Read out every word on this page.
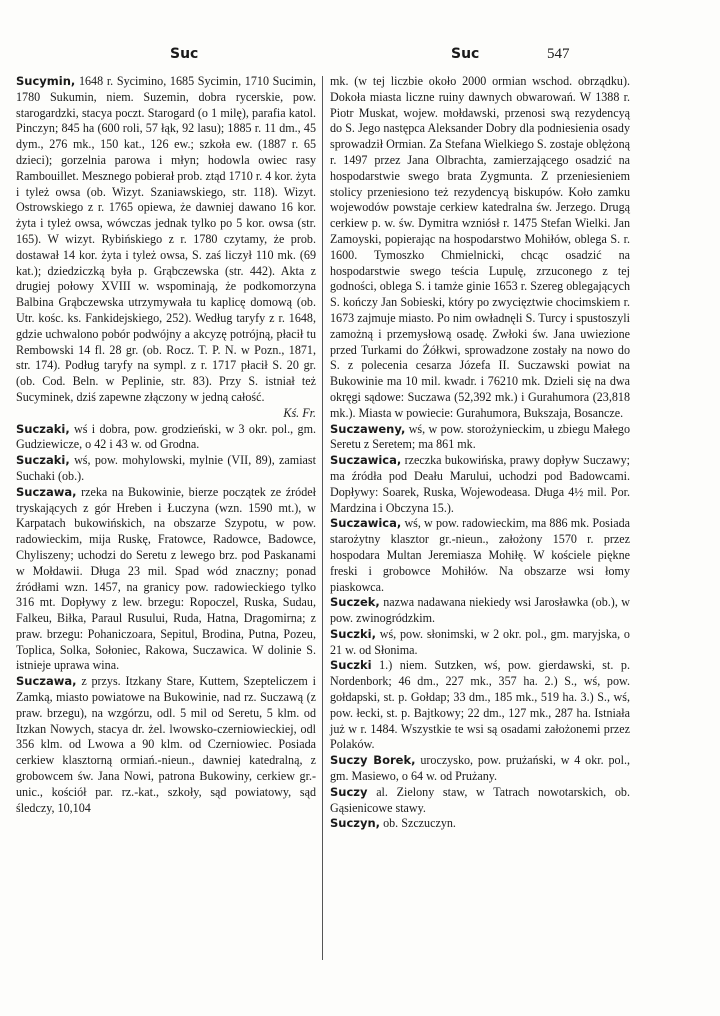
Suc	Suc	547

Sucymin, 1648 r. Sycimino, 1685 Sycimin, 1710 Sucimin, 1780 Sukumin, niem. Suzemin, dobra rycerskie, pow. starogardzki, stacya poczt. Starogard (o 1 milę), parafia katol. Pinczyn; 845 ha (600 roli, 57 łąk, 92 lasu); 1885 r. 11 dm., 45 dym., 276 mk., 150 kat., 126 ew.; szkoła ew. (1887 r. 65 dzieci); gorzelnia parowa i młyn; hodowla owiec rasy Rambouillet. Mesznego pobierał prob. ztąd 1710 r. 4 kor. żyta i tyleż owsa (ob. Wizyt. Szaniawskiego, str. 118). Wizyt. Ostrowskiego z r. 1765 opiewa, że dawniej dawano 16 kor. żyta i tyleż owsa, wówczas jednak tylko po 5 kor. owsa (str. 165). W wizyt. Rybińskiego z r. 1780 czytamy, że prob. dostawał 14 kor. żyta i tyleż owsa, S. zaś liczył 110 mk. (69 kat.); dziedziczką była p. Grąbczewska (str. 442). Akta z drugiej połowy XVIII w. wspominają, że podkomorzyna Balbina Grąbczewska utrzymywała tu kaplicę domową (ob. Utr. kośc. ks. Fankidejskiego, 252). Według taryfy z r. 1648, gdzie uchwalono pobór podwójny a akcyzę potrójną, płacił tu Rembowski 14 fl. 28 gr. (ob. Rocz. T. P. N. w Pozn., 1871, str. 174). Podług taryfy na sympl. z r. 1717 płacił S. 20 gr. (ob. Cod. Beln. w Peplinie, str. 83). Przy S. istniał też Sucyminek, dziś zapewne złączony w jedną całość.

Kś. Fr.

Suczaki, wś i dobra, pow. grodzieński, w 3 okr. pol., gm. Gudziewicze, o 42 i 43 w. od Grodna.

Suczaki, wś, pow. mohylowski, mylnie (VII, 89), zamiast Suchaki (ob.).

Suczawa, rzeka na Bukowinie, bierze początek ze źródeł tryskających z gór Hreben i Łuczyna (wzn. 1590 mt.), w Karpatach bukowińskich, na obszarze Szypotu, w pow. radowieckim, mija Ruskę, Fratowce, Radowce, Badowce, Chyliszeny; uchodzi do Seretu z lewego brz. pod Paskanami w Mołdawii. Długa 23 mil. Spad wód znaczny; ponad źródłami wzn. 1457, na granicy pow. radowieckiego tylko 316 mt. Dopływy z lew. brzegu: Ropoczel, Ruska, Sudau, Falkeu, Biłka, Paraul Rusului, Ruda, Hatna, Dragomirna; z praw. brzegu: Pohaniczoara, Sepitul, Brodina, Putna, Pozeu, Toplica, Solka, Sołoniec, Rakowa, Suczawica. W dolinie S. istnieje uprawa wina.

Suczawa, z przys. Itzkany Stare, Kuttem, Szepteliczem i Zamką, miasto powiatowe na Bukowinie, nad rz. Suczawą (z praw. brzegu), na wzgórzu, odl. 5 mil od Seretu, 5 klm. od Itzkan Nowych, stacya dr. żel. lwowsko-czerniowieckiej, odl 356 klm. od Lwowa a 90 klm. od Czerniowiec. Posiada cerkiew klasztorną ormiań.-nieun., dawniej katedralną, z grobowcem św. Jana Nowi, patrona Bukowiny, cerkiew gr.-unic., kościół par. rz.-kat., szkoły, sąd powiatowy, sąd śledczy, 10,104

mk. (w tej liczbie około 2000 ormian wschod. obrządku). Dokoła miasta liczne ruiny dawnych obwarowań. W 1388 r. Piotr Muskat, wojew. mołdawski, przenosi swą rezydencyą do S. Jego następca Aleksander Dobry dla podniesienia osady sprowadził Ormian. Za Stefana Wielkiego S. zostaje oblężoną r. 1497 przez Jana Olbrachta, zamierzającego osadzić na hospodarstwie swego brata Zygmunta. Z przeniesieniem stolicy przeniesiono też rezydencyą biskupów. Koło zamku wojewodów powstaje cerkiew katedralna św. Jerzego. Drugą cerkiew p. w. św. Dymitra wzniósł r. 1475 Stefan Wielki. Jan Zamoyski, popierając na hospodarstwo Mohiłów, oblega S. r. 1600. Tymoszko Chmielnicki, chcąc osadzić na hospodarstwie swego teścia Lupulę, zrzuconego z tej godności, oblega S. i tamże ginie 1653 r. Szereg oblegających S. kończy Jan Sobieski, który po zwycięztwie chocimskiem r. 1673 zajmuje miasto. Po nim owładnęli S. Turcy i spustoszyli zamożną i przemysłową osadę. Zwłoki św. Jana uwiezione przed Turkami do Żółkwi, sprowadzone zostały na nowo do S. z polecenia cesarza Józefa II. Suczawski powiat na Bukowinie ma 10 mil. kwadr. i 76210 mk. Dzieli się na dwa okręgi sądowe: Suczawa (52,392 mk.) i Gurahumora (23,818 mk.). Miasta w powiecie: Gurahumora, Bukszaja, Bosancze.

Suczaweny, wś, w pow. storożynieckim, u zbiegu Małego Seretu z Seretem; ma 861 mk.

Suczawica, rzeczka bukowińska, prawy dopływ Suczawy; ma źródła pod Deału Marului, uchodzi pod Badowcami. Dopływy: Soarek, Ruska, Wojewodeasa. Długa 4½ mil. Por. Mardzina i Obczyna 15.).

Suczawica, wś, w pow. radowieckim, ma 886 mk. Posiada starożytny klasztor gr.-nieun., założony 1570 r. przez hospodara Multan Jeremiasza Mohiłę. W kościele piękne freski i grobowce Mohiłów. Na obszarze wsi łomy piaskowca.

Suczek, nazwa nadawana niekiedy wsi Jarosławka (ob.), w pow. zwinogródzkim.

Suczki, wś, pow. słonimski, w 2 okr. pol., gm. maryjska, o 21 w. od Słonima.

Suczki 1.) niem. Sutzken, wś, pow. gierdawski, st. p. Nordenbork; 46 dm., 227 mk., 357 ha. 2.) S., wś, pow. gołdapski, st. p. Gołdap; 33 dm., 185 mk., 519 ha. 3.) S., wś, pow. łecki, st. p. Bajtkowy; 22 dm., 127 mk., 287 ha. Istniała już w r. 1484. Wszystkie te wsi są osadami założonemi przez Polaków.

Suczy Borek, uroczysko, pow. prużański, w 4 okr. pol., gm. Masiewo, o 64 w. od Prużany.

Suczy al. Zielony staw, w Tatrach nowotarskich, ob. Gąsienicowe stawy.

Suczyn, ob. Szczuczyn.
